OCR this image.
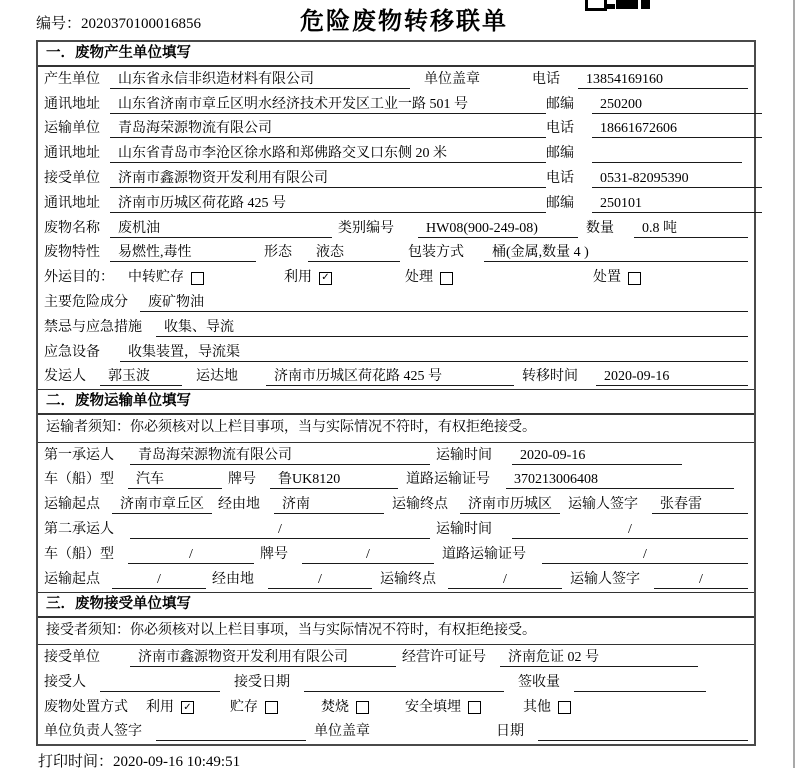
编号：2020370100016856	危险废物转移联单
一．废物产生单位填写
产生单位	山东省永信非织造材料有限公司	单位盖章	电话	13854169160
通讯地址	山东省济南市章丘区明水经济技术开发区工业一路 501 号	邮编	250200
运输单位	青岛海荣源物流有限公司	电话	18661672606
通讯地址	山东省青岛市李沧区徐水路和郑佛路交叉口东侧 20 米	邮编
接受单位	济南市鑫源物资开发利用有限公司	电话	0531-82095390
通讯地址	济南市历城区荷花路 425 号	邮编	250101
废物名称	废机油	类别编号	HW08(900-249-08)	数量	0.8 吨
废物特性	易燃性,毒性	形态	液态	包装方式	桶(金属,数量 4 )
外运目的：	中转贮存	利用 ✓	处理	处置
主要危险成分	废矿物油
禁忌与应急措施	收集、导流
应急设备	收集装置，导流渠
发运人	郭玉波	运达地	济南市历城区荷花路 425 号	转移时间	2020-09-16
二．废物运输单位填写
运输者须知：你必须核对以上栏目事项，当与实际情况不符时，有权拒绝接受。
第一承运人	青岛海荣源物流有限公司	运输时间	2020-09-16
车（船）型	汽车	牌号	鲁UK8120	道路运输证号	370213006408
运输起点	济南市章丘区	经由地	济南	运输终点	济南市历城区	运输人签字	张春雷
第二承运人	/	运输时间	/
车（船）型	/	牌号	/	道路运输证号	/
运输起点	/	经由地	/	运输终点	/	运输人签字	/
三．废物接受单位填写
接受者须知：你必须核对以上栏目事项，当与实际情况不符时，有权拒绝接受。
接受单位	济南市鑫源物资开发利用有限公司	经营许可证号	济南危证 02 号
接受人	接受日期	签收量
废物处置方式	利用 ✓	贮存	焚烧	安全填埋	其他
单位负责人签字	单位盖章	日期
打印时间：2020-09-16 10:49:51
